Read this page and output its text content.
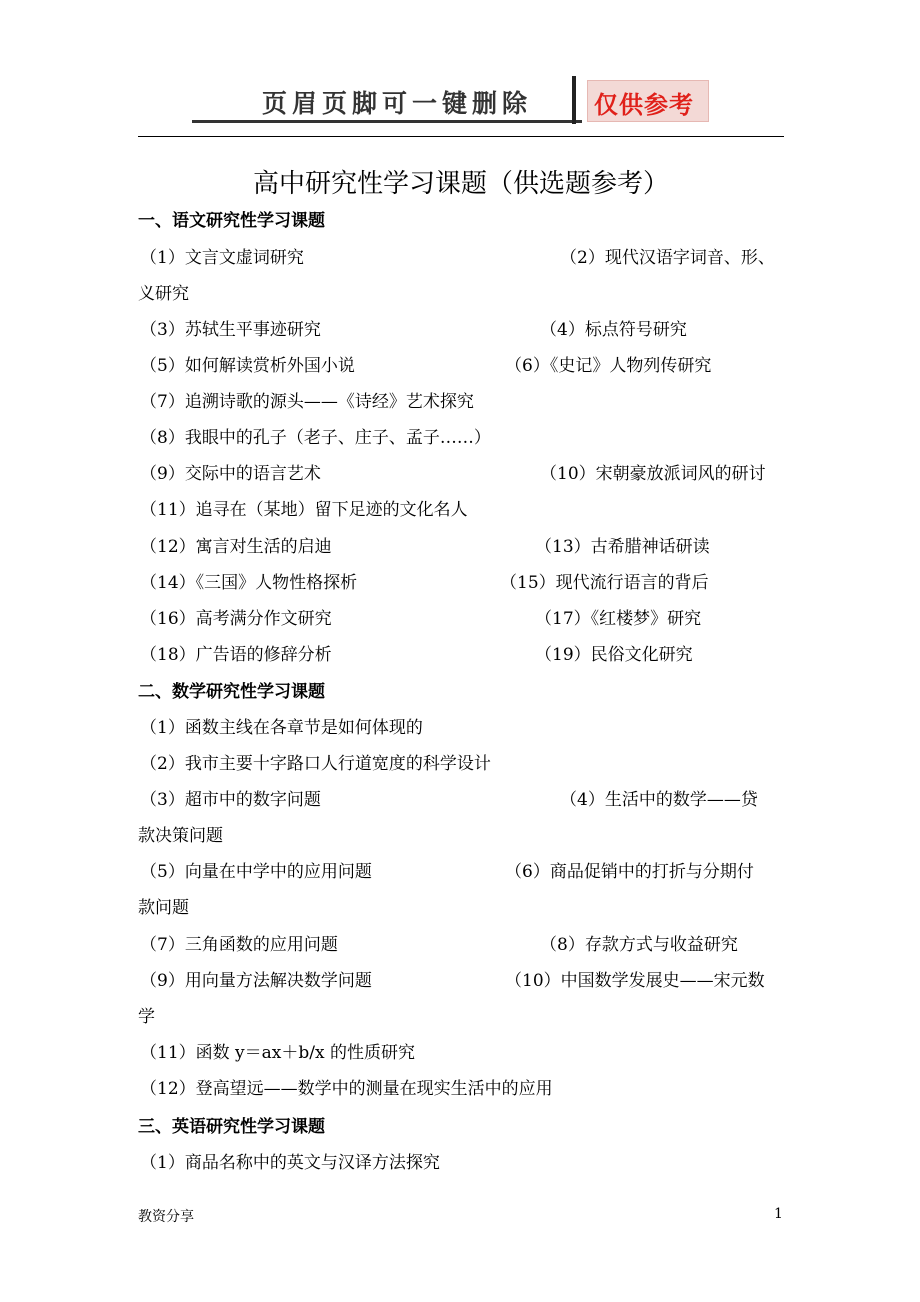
页眉页脚可一键删除	仅供参考
高中研究性学习课题（供选题参考）
一、语文研究性学习课题
（1）文言文虚词研究	（2）现代汉语字词音、形、
义研究
（3）苏轼生平事迹研究	（4）标点符号研究
（5）如何解读赏析外国小说	（6）《史记》人物列传研究
（7）追溯诗歌的源头——《诗经》艺术探究
（8）我眼中的孔子（老子、庄子、孟子……）
（9）交际中的语言艺术	（10）宋朝豪放派词风的研讨
（11）追寻在（某地）留下足迹的文化名人
（12）寓言对生活的启迪	（13）古希腊神话研读
（14）《三国》人物性格探析	（15）现代流行语言的背后
（16）高考满分作文研究	（17）《红楼梦》研究
（18）广告语的修辞分析	（19）民俗文化研究
二、数学研究性学习课题
（1）函数主线在各章节是如何体现的
（2）我市主要十字路口人行道宽度的科学设计
（3）超市中的数字问题	（4）生活中的数学——贷
款决策问题
（5）向量在中学中的应用问题	（6）商品促销中的打折与分期付
款问题
（7）三角函数的应用问题	（8）存款方式与收益研究
（9）用向量方法解决数学问题	（10）中国数学发展史——宋元数
学
（11）函数 y＝ax＋b/x 的性质研究
（12）登高望远——数学中的测量在现实生活中的应用
三、英语研究性学习课题
（1）商品名称中的英文与汉译方法探究
教资分享	1
